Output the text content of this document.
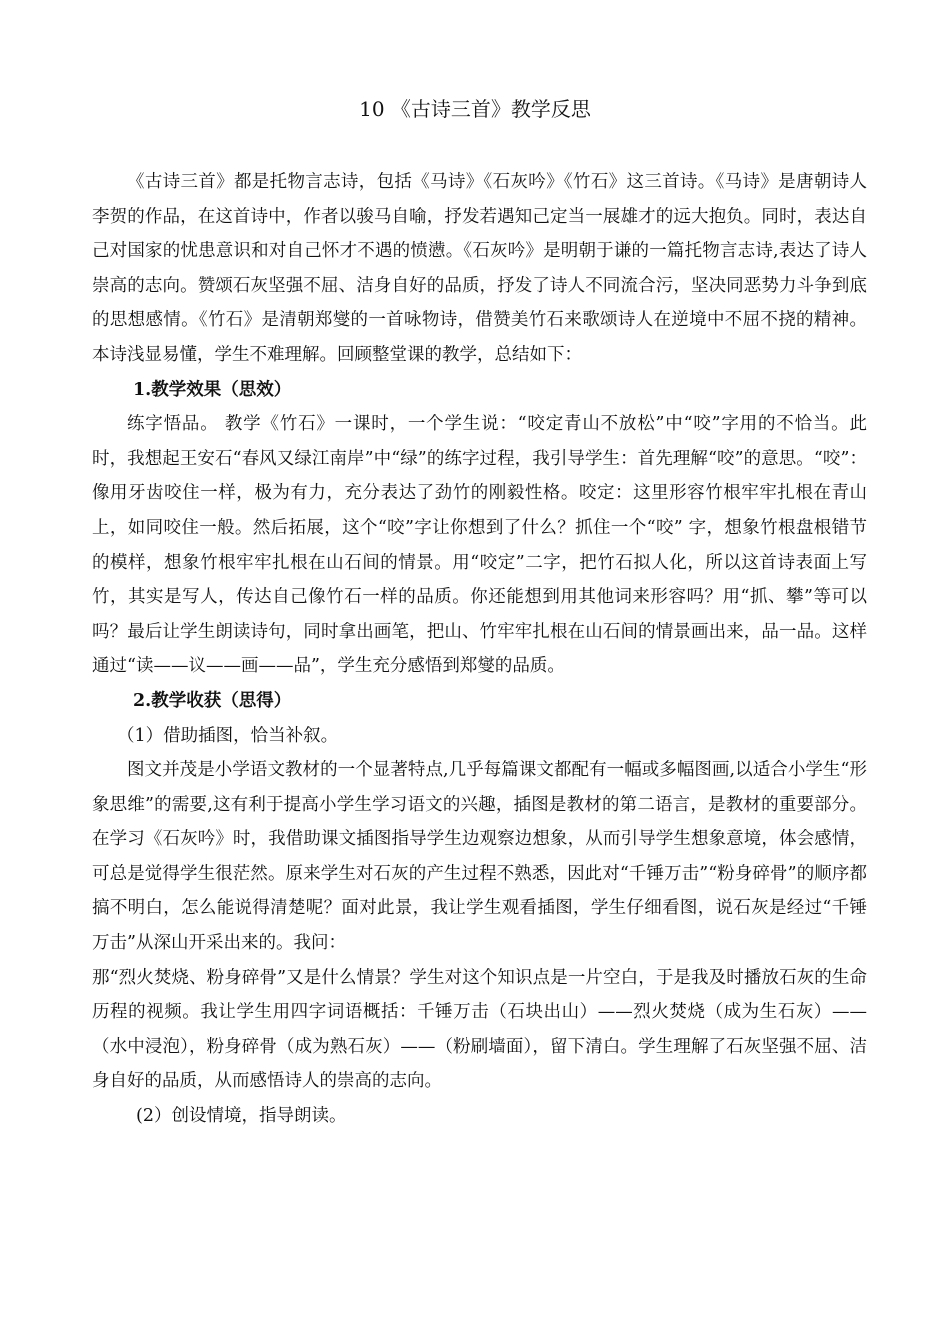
10 《古诗三首》教学反思

《古诗三首》都是托物言志诗，包括《马诗》《石灰吟》《竹石》这三首诗。《马诗》是唐朝诗人李贺的作品，在这首诗中，作者以骏马自喻，抒发若遇知己定当一展雄才的远大抱负。同时，表达自己对国家的忧患意识和对自己怀才不遇的愤懑。《石灰吟》是明朝于谦的一篇托物言志诗,表达了诗人崇高的志向。赞颂石灰坚强不屈、洁身自好的品质，抒发了诗人不同流合污，坚决同恶势力斗争到底的思想感情。《竹石》是清朝郑燮的一首咏物诗，借赞美竹石来歌颂诗人在逆境中不屈不挠的精神。本诗浅显易懂，学生不难理解。回顾整堂课的教学，总结如下：

1.教学效果（思效）

练字悟品。 教学《竹石》一课时，一个学生说：“咬定青山不放松”中“咬”字用的不恰当。此时，我想起王安石“春风又绿江南岸”中“绿”的练字过程，我引导学生：首先理解“咬”的意思。“咬”：像用牙齿咬住一样，极为有力，充分表达了劲竹的刚毅性格。咬定：这里形容竹根牢牢扎根在青山上，如同咬住一般。然后拓展，这个“咬”字让你想到了什么？抓住一个“咬” 字，想象竹根盘根错节的模样，想象竹根牢牢扎根在山石间的情景。用“咬定”二字，把竹石拟人化，所以这首诗表面上写竹，其实是写人，传达自己像竹石一样的品质。你还能想到用其他词来形容吗？用“抓、攀”等可以吗？最后让学生朗读诗句，同时拿出画笔，把山、竹牢牢扎根在山石间的情景画出来，品一品。这样通过“读——议——画——品”，学生充分感悟到郑燮的品质。

2.教学收获（思得）

（1）借助插图，恰当补叙。

图文并茂是小学语文教材的一个显著特点,几乎每篇课文都配有一幅或多幅图画,以适合小学生“形象思维”的需要,这有利于提高小学生学习语文的兴趣，插图是教材的第二语言，是教材的重要部分。在学习《石灰吟》时，我借助课文插图指导学生边观察边想象，从而引导学生想象意境，体会感情，可总是觉得学生很茫然。原来学生对石灰的产生过程不熟悉，因此对“千锤万击”“粉身碎骨”的顺序都搞不明白，怎么能说得清楚呢？面对此景，我让学生观看插图，学生仔细看图，说石灰是经过“千锤万击”从深山开采出来的。我问：

那“烈火焚烧、粉身碎骨”又是什么情景？学生对这个知识点是一片空白，于是我及时播放石灰的生命历程的视频。我让学生用四字词语概括：千锤万击（石块出山）——烈火焚烧（成为生石灰）——（水中浸泡），粉身碎骨（成为熟石灰）——（粉刷墙面），留下清白。学生理解了石灰坚强不屈、洁身自好的品质，从而感悟诗人的崇高的志向。

(2）创设情境，指导朗读。
